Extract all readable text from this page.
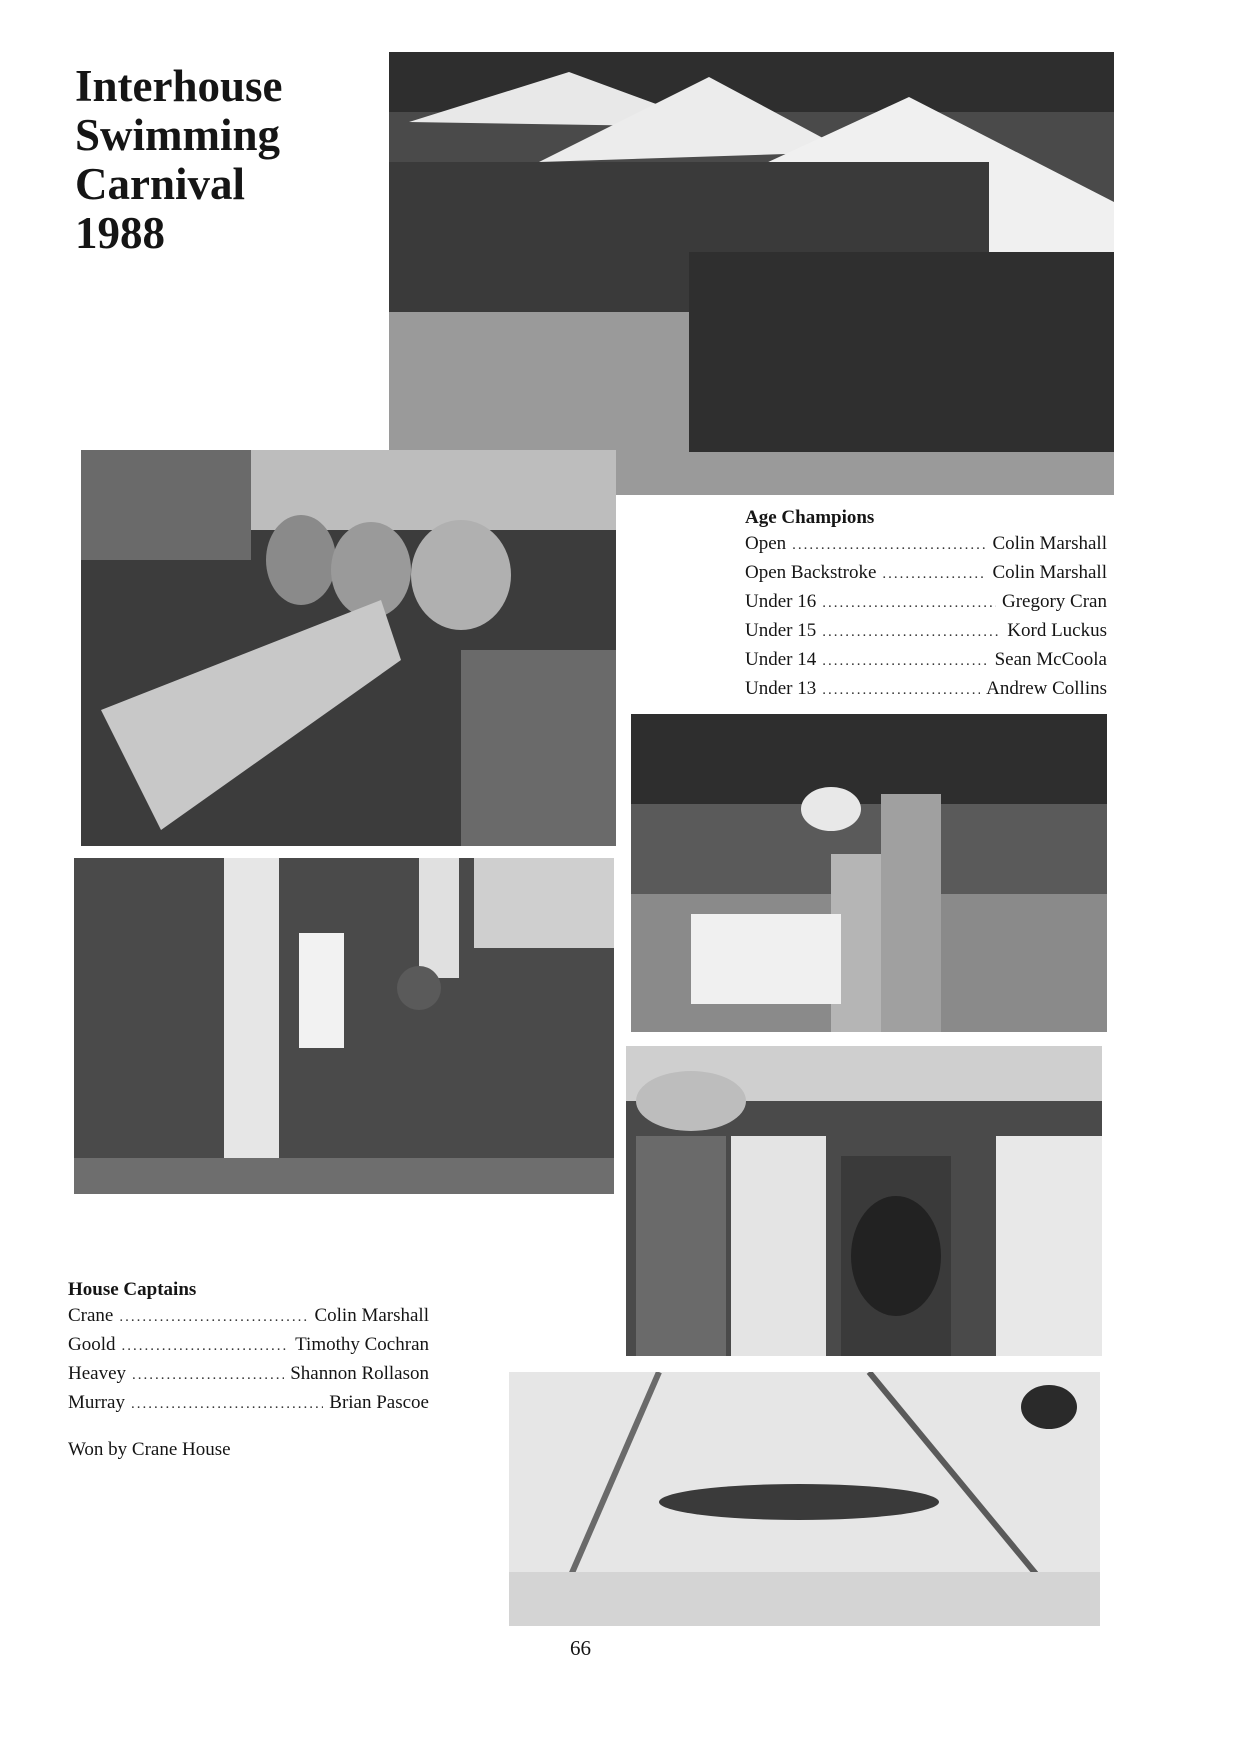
Interhouse
Swimming
Carnival
1988
Age Champions
Open .....	Colin Marshall
Open Backstroke .....	Colin Marshall
Under 16 .....	Gregory Cran
Under 15 .....	Kord Luckus
Under 14 .....	Sean McCoola
Under 13 .....	Andrew Collins
House Captains
Crane .....	Colin Marshall
Goold .....	Timothy Cochran
Heavey .....	Shannon Rollason
Murray .....	Brian Pascoe
Won by Crane House
66
